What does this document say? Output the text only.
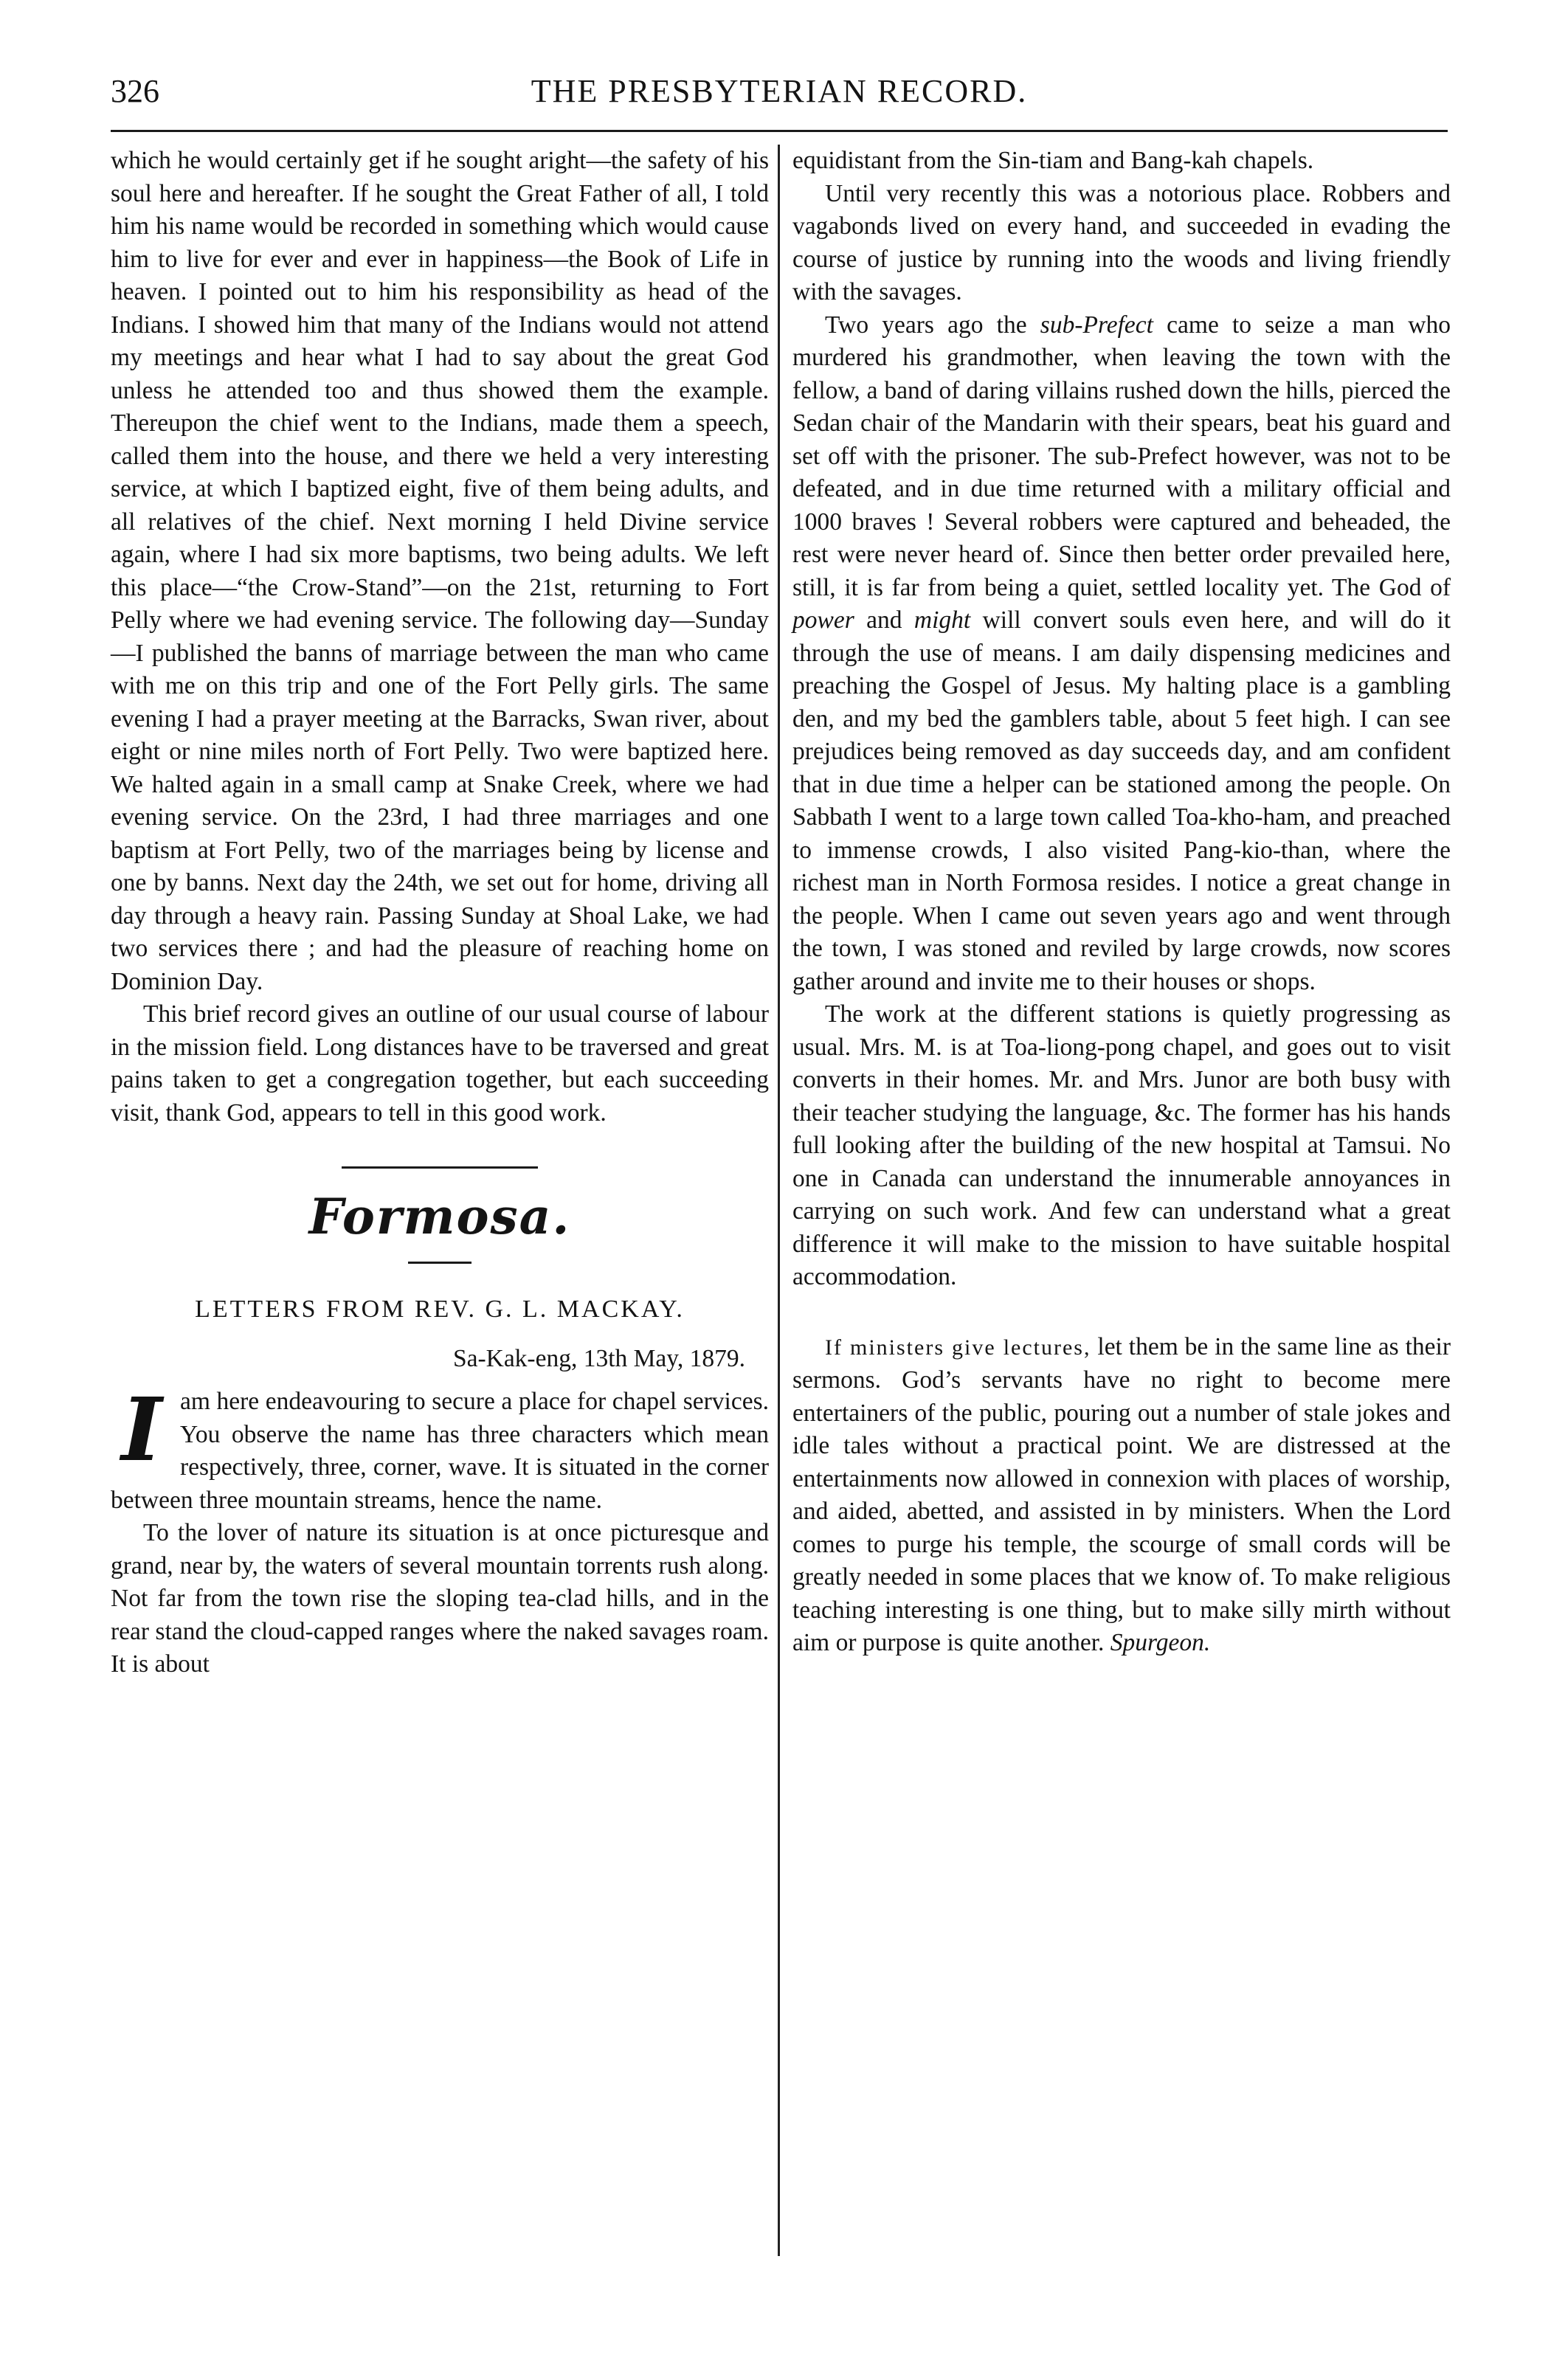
326	THE PRESBYTERIAN RECORD.

which he would certainly get if he sought aright—the safety of his soul here and hereafter. If he sought the Great Father of all, I told him his name would be recorded in something which would cause him to live for ever and ever in happiness—the Book of Life in heaven. I pointed out to him his responsibility as head of the Indians. I showed him that many of the Indians would not attend my meetings and hear what I had to say about the great God unless he attended too and thus showed them the example. Thereupon the chief went to the Indians, made them a speech, called them into the house, and there we held a very interesting service, at which I baptized eight, five of them being adults, and all relatives of the chief. Next morning I held Divine service again, where I had six more baptisms, two being adults. We left this place—“the Crow-Stand”—on the 21st, returning to Fort Pelly where we had evening service. The following day—Sunday—I published the banns of marriage between the man who came with me on this trip and one of the Fort Pelly girls. The same evening I had a prayer meeting at the Barracks, Swan river, about eight or nine miles north of Fort Pelly. Two were baptized here. We halted again in a small camp at Snake Creek, where we had evening service. On the 23rd, I had three marriages and one baptism at Fort Pelly, two of the marriages being by license and one by banns. Next day the 24th, we set out for home, driving all day through a heavy rain. Passing Sunday at Shoal Lake, we had two services there ; and had the pleasure of reaching home on Dominion Day.

This brief record gives an outline of our usual course of labour in the mission field. Long distances have to be traversed and great pains taken to get a congregation together, but each succeeding visit, thank God, appears to tell in this good work.

Formosa.

LETTERS FROM REV. G. L. MACKAY.

Sa-Kak-eng, 13th May, 1879.

Iam here endeavouring to secure a place for chapel services. You observe the name has three characters which mean respectively, three, corner, wave. It is situated in the corner between three mountain streams, hence the name.

To the lover of nature its situation is at once picturesque and grand, near by, the waters of several mountain torrents rush along. Not far from the town rise the sloping tea-clad hills, and in the rear stand the cloud-capped ranges where the naked savages roam. It is about

equidistant from the Sin-tiam and Bang-kah chapels.

Until very recently this was a notorious place. Robbers and vagabonds lived on every hand, and succeeded in evading the course of justice by running into the woods and living friendly with the savages.

Two years ago the sub-Prefect came to seize a man who murdered his grandmother, when leaving the town with the fellow, a band of daring villains rushed down the hills, pierced the Sedan chair of the Mandarin with their spears, beat his guard and set off with the prisoner. The sub-Prefect however, was not to be defeated, and in due time returned with a military official and 1000 braves ! Several robbers were captured and beheaded, the rest were never heard of. Since then better order prevailed here, still, it is far from being a quiet, settled locality yet. The God of power and might will convert souls even here, and will do it through the use of means. I am daily dispensing medicines and preaching the Gospel of Jesus. My halting place is a gambling den, and my bed the gamblers table, about 5 feet high. I can see prejudices being removed as day succeeds day, and am confident that in due time a helper can be stationed among the people. On Sabbath I went to a large town called Toa-kho-ham, and preached to immense crowds, I also visited Pang-kio-than, where the richest man in North Formosa resides. I notice a great change in the people. When I came out seven years ago and went through the town, I was stoned and reviled by large crowds, now scores gather around and invite me to their houses or shops.

The work at the different stations is quietly progressing as usual. Mrs. M. is at Toa-liong-pong chapel, and goes out to visit converts in their homes. Mr. and Mrs. Junor are both busy with their teacher studying the language, &c. The former has his hands full looking after the building of the new hospital at Tamsui. No one in Canada can understand the innumerable annoyances in carrying on such work. And few can understand what a great difference it will make to the mission to have suitable hospital accommodation.

If ministers give lectures, let them be in the same line as their sermons. God’s servants have no right to become mere entertainers of the public, pouring out a number of stale jokes and idle tales without a practical point. We are distressed at the entertainments now allowed in connexion with places of worship, and aided, abetted, and assisted in by ministers. When the Lord comes to purge his temple, the scourge of small cords will be greatly needed in some places that we know of. To make religious teaching interesting is one thing, but to make silly mirth without aim or purpose is quite another. Spurgeon.
